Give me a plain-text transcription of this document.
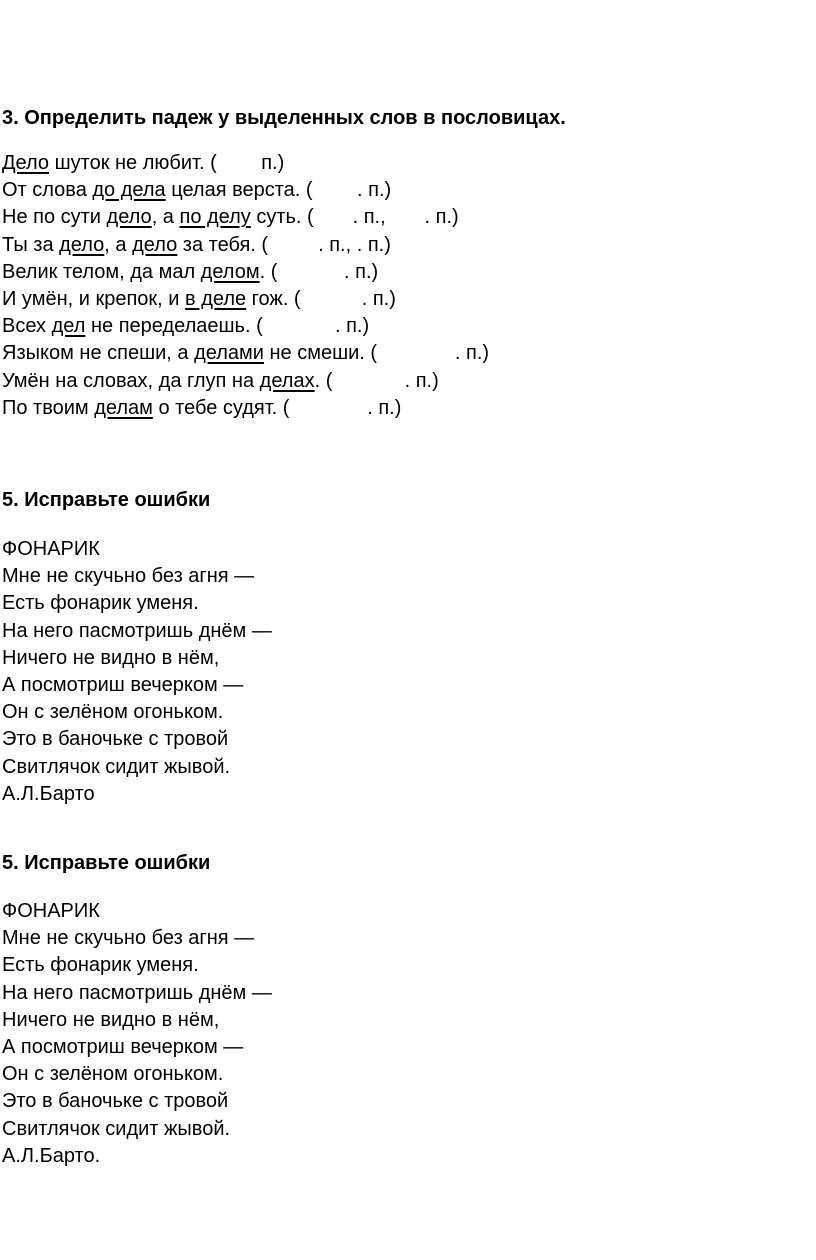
3. Определить падеж у выделенных слов в пословицах.
Дело шуток не любит. (        п.)
От слова до дела целая верста. (        . п.)
Не по сути дело, а по делу суть. (       . п.,       . п.)
Ты за дело, а дело за тебя. (         . п., . п.)
Велик телом, да мал делом. (            . п.)
И умён, и крепок, и в деле гож. (           . п.)
Всех дел не переделаешь. (             . п.)
Языком не спеши, а делами не смеши. (              . п.)
Умён на словах, да глуп на делах. (             . п.)
По твоим делам о тебе судят. (              . п.)
5. Исправьте ошибки
ФОНАРИК
Мне не скучьно без агня —
Есть фонарик уменя.
На него пасмотришь днём —
Ничего не видно в нём,
А посмотриш вечерком —
Он с зелёном огоньком.
Это в баночьке с тровой
Свитлячок сидит жывой.
А.Л.Барто
5. Исправьте ошибки
ФОНАРИК
Мне не скучьно без агня —
Есть фонарик уменя.
На него пасмотришь днём —
Ничего не видно в нём,
А посмотриш вечерком —
Он с зелёном огоньком.
Это в баночьке с тровой
Свитлячок сидит жывой.
А.Л.Барто.
